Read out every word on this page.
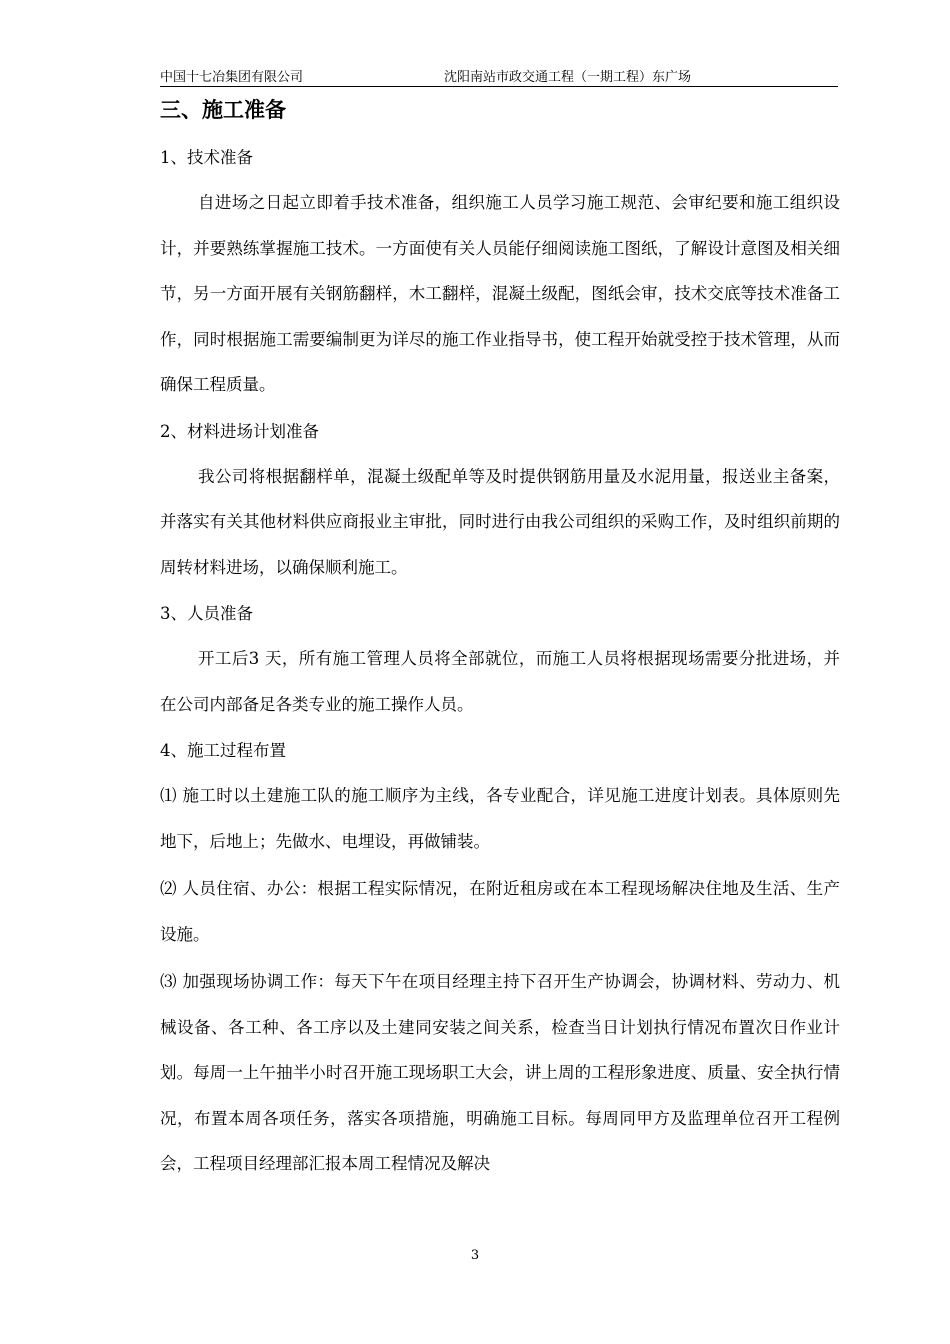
中国十七冶集团有限公司	沈阳南站市政交通工程（一期工程）东广场
三、施工准备
1、技术准备

自进场之日起立即着手技术准备，组织施工人员学习施工规范、会审纪要和施工组织设计，并要熟练掌握施工技术。一方面使有关人员能仔细阅读施工图纸，了解设计意图及相关细节，另一方面开展有关钢筋翻样，木工翻样，混凝土级配，图纸会审，技术交底等技术准备工作，同时根据施工需要编制更为详尽的施工作业指导书，使工程开始就受控于技术管理，从而确保工程质量。

2、材料进场计划准备

我公司将根据翻样单，混凝土级配单等及时提供钢筋用量及水泥用量，报送业主备案，并落实有关其他材料供应商报业主审批，同时进行由我公司组织的采购工作，及时组织前期的周转材料进场，以确保顺利施工。

3、人员准备

开工后3 天，所有施工管理人员将全部就位，而施工人员将根据现场需要分批进场，并在公司内部备足各类专业的施工操作人员。

4、施工过程布置

⑴ 施工时以土建施工队的施工顺序为主线，各专业配合，详见施工进度计划表。具体原则先地下，后地上；先做水、电埋设，再做铺装。

⑵ 人员住宿、办公：根据工程实际情况，在附近租房或在本工程现场解决住地及生活、生产设施。

⑶ 加强现场协调工作：每天下午在项目经理主持下召开生产协调会，协调材料、劳动力、机械设备、各工种、各工序以及土建同安装之间关系，检查当日计划执行情况布置次日作业计划。每周一上午抽半小时召开施工现场职工大会，讲上周的工程形象进度、质量、安全执行情况，布置本周各项任务，落实各项措施，明确施工目标。每周同甲方及监理单位召开工程例会，工程项目经理部汇报本周工程情况及解决

3
